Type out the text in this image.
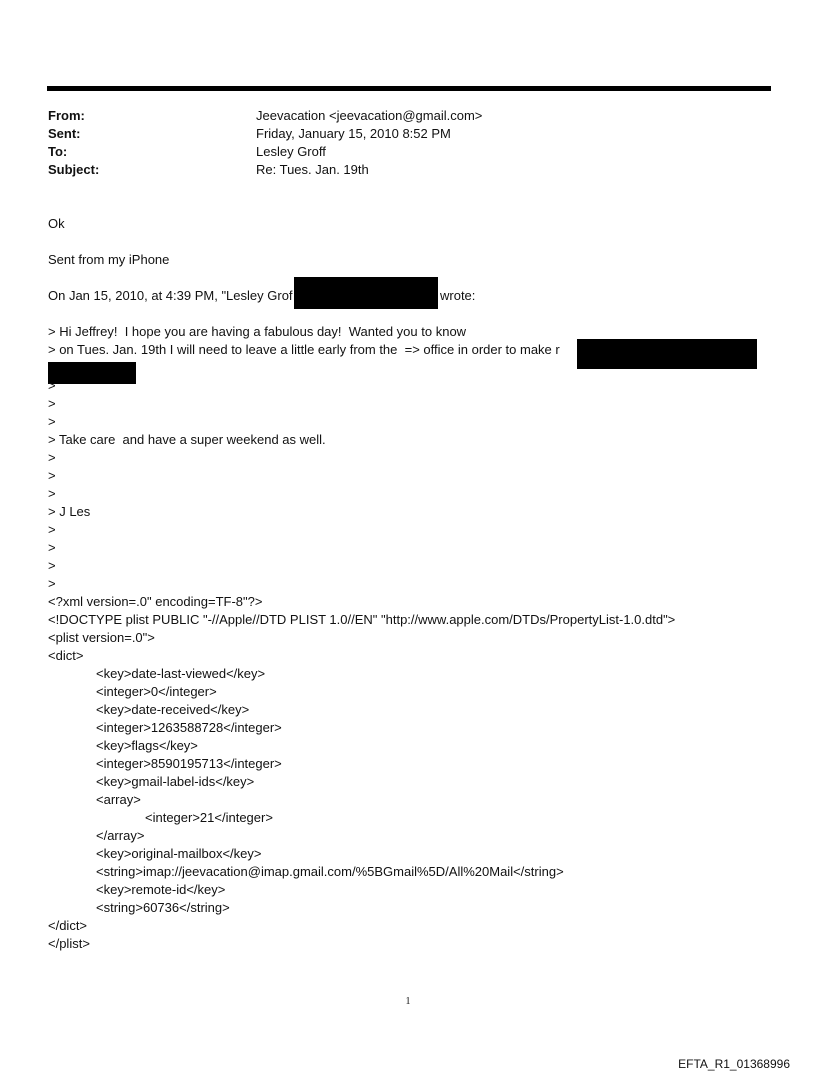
From:	Jeevacation <jeevacation@gmail.com>
Sent:	Friday, January 15, 2010 8:52 PM
To:	Lesley Groff
Subject:	Re: Tues. Jan. 19th
Ok
Sent from my iPhone
On Jan 15, 2010, at 4:39 PM, "Lesley Grof	wrote:
> Hi Jeffrey!  I hope you are having a fabulous day!  Wanted you to know
> on Tues. Jan. 19th I will need to leave a little early from the  => office in order to make r
>
>
>
> Take care  and have a super weekend as well.
>
>
>
> J Les
>
>
>
>
<?xml version=.0" encoding=TF-8"?>
<!DOCTYPE plist PUBLIC "-//Apple//DTD PLIST 1.0//EN" "http://www.apple.com/DTDs/PropertyList-1.0.dtd">
<plist version=.0">
<dict>
<key>date-last-viewed</key>
<integer>0</integer>
<key>date-received</key>
<integer>1263588728</integer>
<key>flags</key>
<integer>8590195713</integer>
<key>gmail-label-ids</key>
<array>
<integer>21</integer>
</array>
<key>original-mailbox</key>
<string>imap://jeevacation@imap.gmail.com/%5BGmail%5D/All%20Mail</string>
<key>remote-id</key>
<string>60736</string>
</dict>
</plist>
1
EFTA_R1_01368996
